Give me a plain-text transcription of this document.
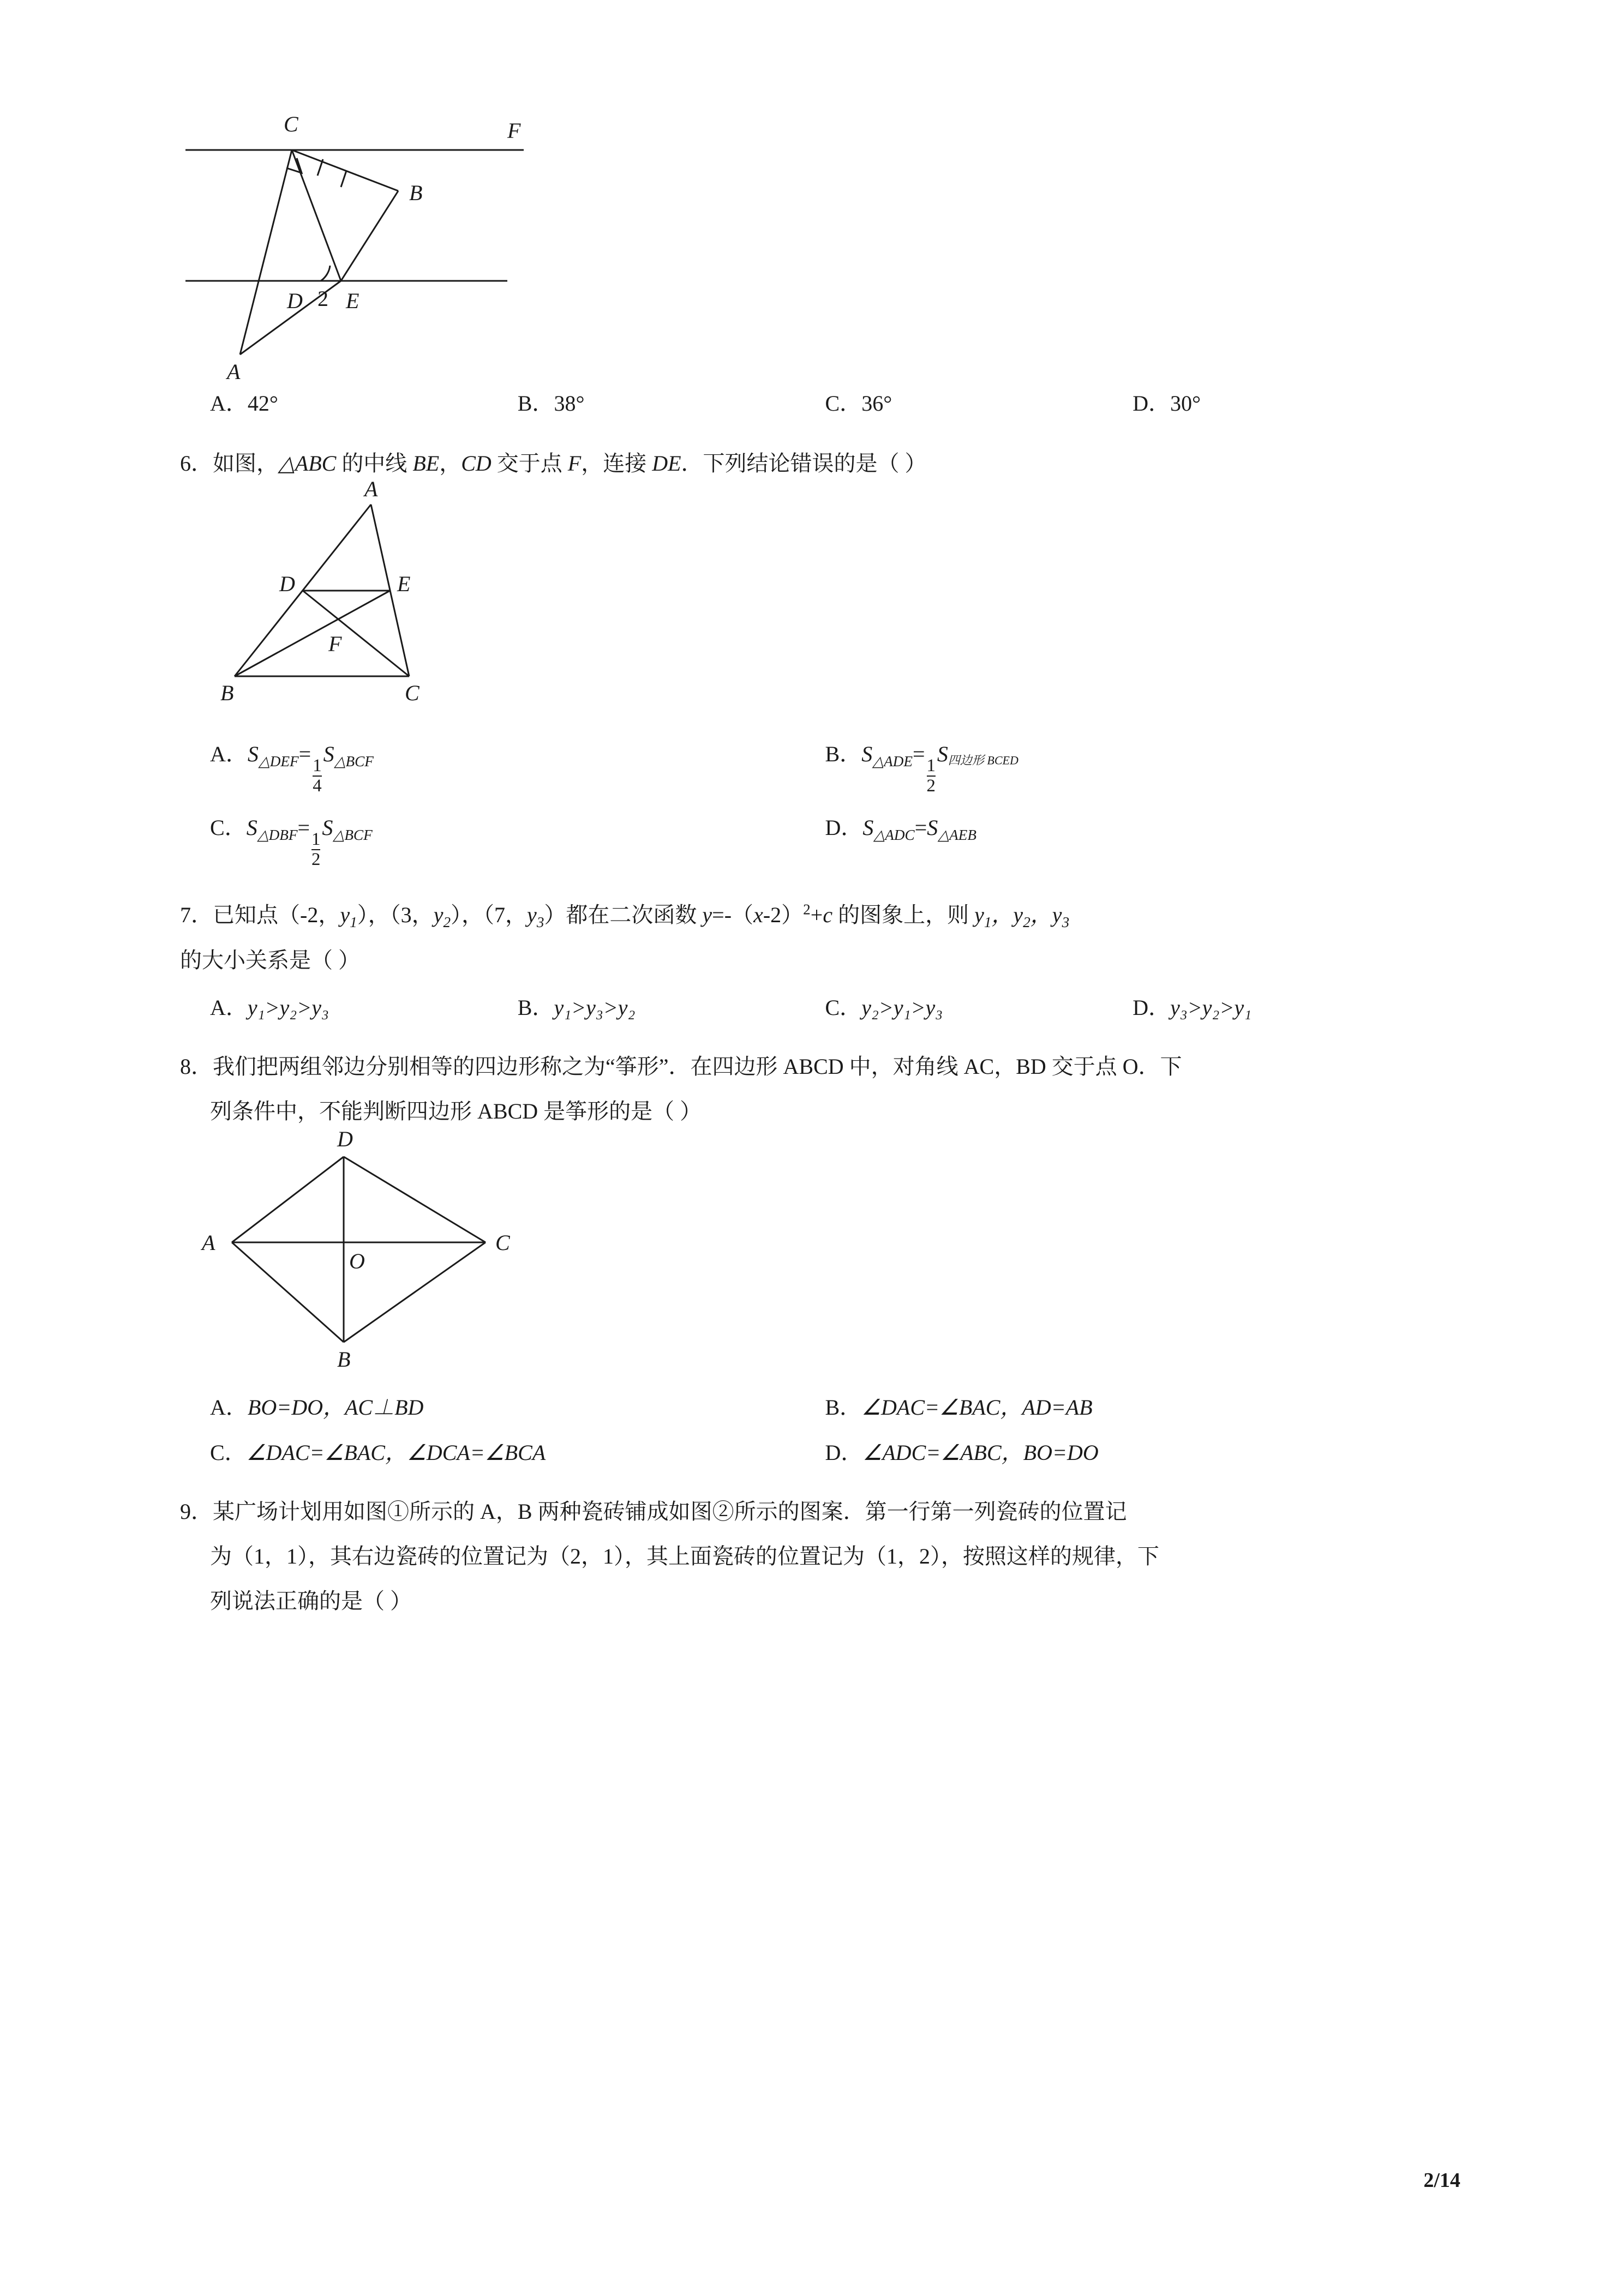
C	F
B
D 2 E
A
A．42°	B．38°	C．36°	D．30°
6．如图，△ABC 的中线 BE，CD 交于点 F，连接 DE．下列结论错误的是（ ）
A
D	E
F
B	C
A．$S_{\triangle DEF}=$
$\frac{1}{4}$
$S_{\triangle BCF}$	B．$S_{\triangle ADE}=$
$\frac{1}{2}$
$S_{四边形 BCED}$
C．$S_{\triangle DBF}=$
$\frac{1}{2}$
$S_{\triangle BCF}$	D．$S_{\triangle ADC}=S_{\triangle AEB}$
7．已知点（-2，$y_1$），（3，$y_2$），（7，$y_3$）都在二次函数 $y=-(x-2)^2+c$ 的图象上，则 $y_1$，$y_2$，$y_3$
的大小关系是（ ）
A．y₁>y₂>y₃	B．y₁>y₃>y₂	C．y₂>y₁>y₃	D．y₃>y₂>y₁
8．我们把两组邻边分别相等的四边形称之为“筝形”．在四边形 ABCD 中，对角线 AC，BD 交于点 O．下
列条件中，不能判断四边形 ABCD 是筝形的是（ ）
D
A
O
C
B
A．BO=DO，AC⊥BD	B．∠DAC=∠BAC，AD=AB
C．∠DAC=∠BAC，∠DCA=∠BCA	D．∠ADC=∠ABC，BO=DO
9．某广场计划用如图①所示的 A，B 两种瓷砖铺成如图②所示的图案．第一行第一列瓷砖的位置记
为（1，1），其右边瓷砖的位置记为（2，1），其上面瓷砖的位置记为（1，2），按照这样的规律，下
列说法正确的是（ ）
2/14
